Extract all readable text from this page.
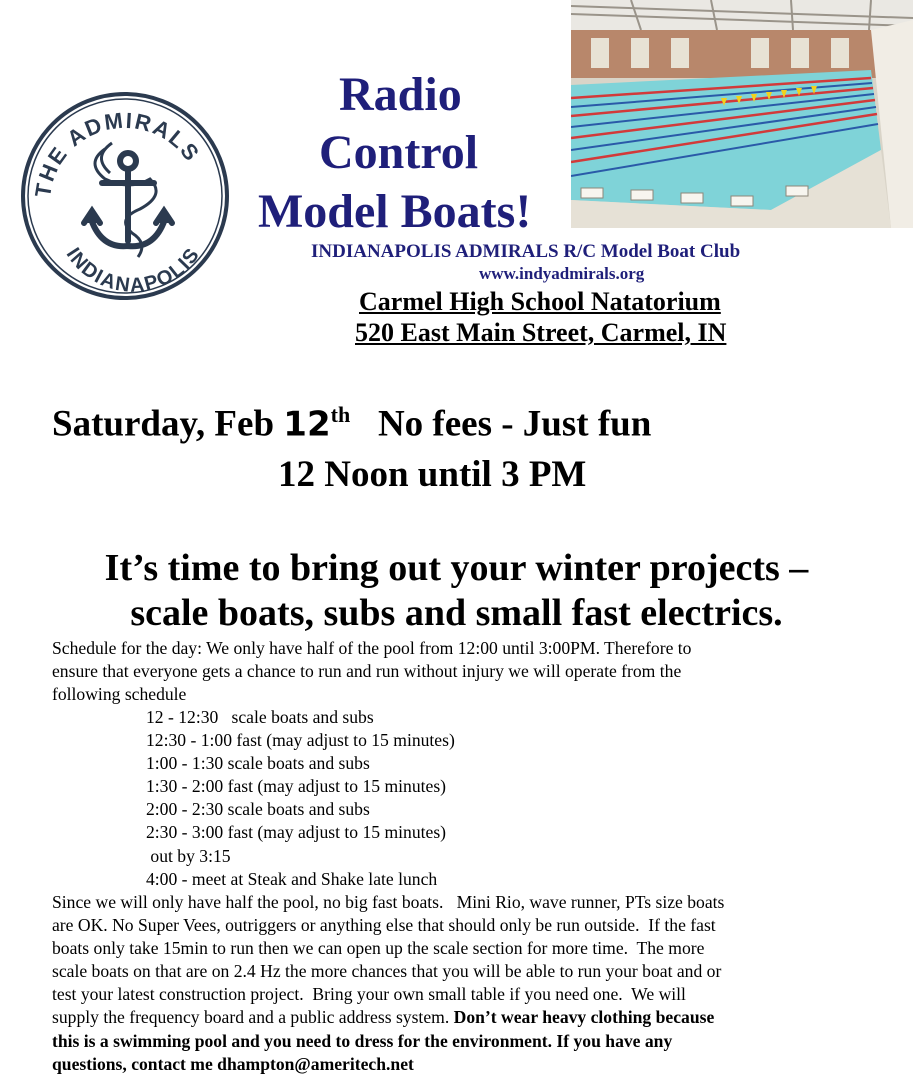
THE ADMIRALS
INDIANAPOLIS
Radio
Control
Model Boats!
INDIANAPOLIS ADMIRALS R/C Model Boat Club
www.indyadmirals.org
Carmel High School Natatorium
520 East Main Street, Carmel, IN
Saturday, Feb 12th No fees - Just fun
12 Noon until 3 PM
It’s time to bring out your winter projects –
scale boats, subs and small fast electrics.
Schedule for the day: We only have half of the pool from 12:00 until 3:00PM. Therefore to
ensure that everyone gets a chance to run and run without injury we will operate from the
following schedule
12 - 12:30   scale boats and subs
12:30 - 1:00 fast (may adjust to 15 minutes)
1:00 - 1:30 scale boats and subs
1:30 - 2:00 fast (may adjust to 15 minutes)
2:00 - 2:30 scale boats and subs
2:30 - 3:00 fast (may adjust to 15 minutes)
out by 3:15
4:00 - meet at Steak and Shake late lunch
Since we will only have half the pool, no big fast boats.   Mini Rio, wave runner, PTs size boats
are OK. No Super Vees, outriggers or anything else that should only be run outside.  If the fast
boats only take 15min to run then we can open up the scale section for more time.  The more
scale boats on that are on 2.4 Hz the more chances that you will be able to run your boat and or
test your latest construction project.  Bring your own small table if you need one.  We will
supply the frequency board and a public address system. Don’t wear heavy clothing because
this is a swimming pool and you need to dress for the environment. If you have any
questions, contact me dhampton@ameritech.net
